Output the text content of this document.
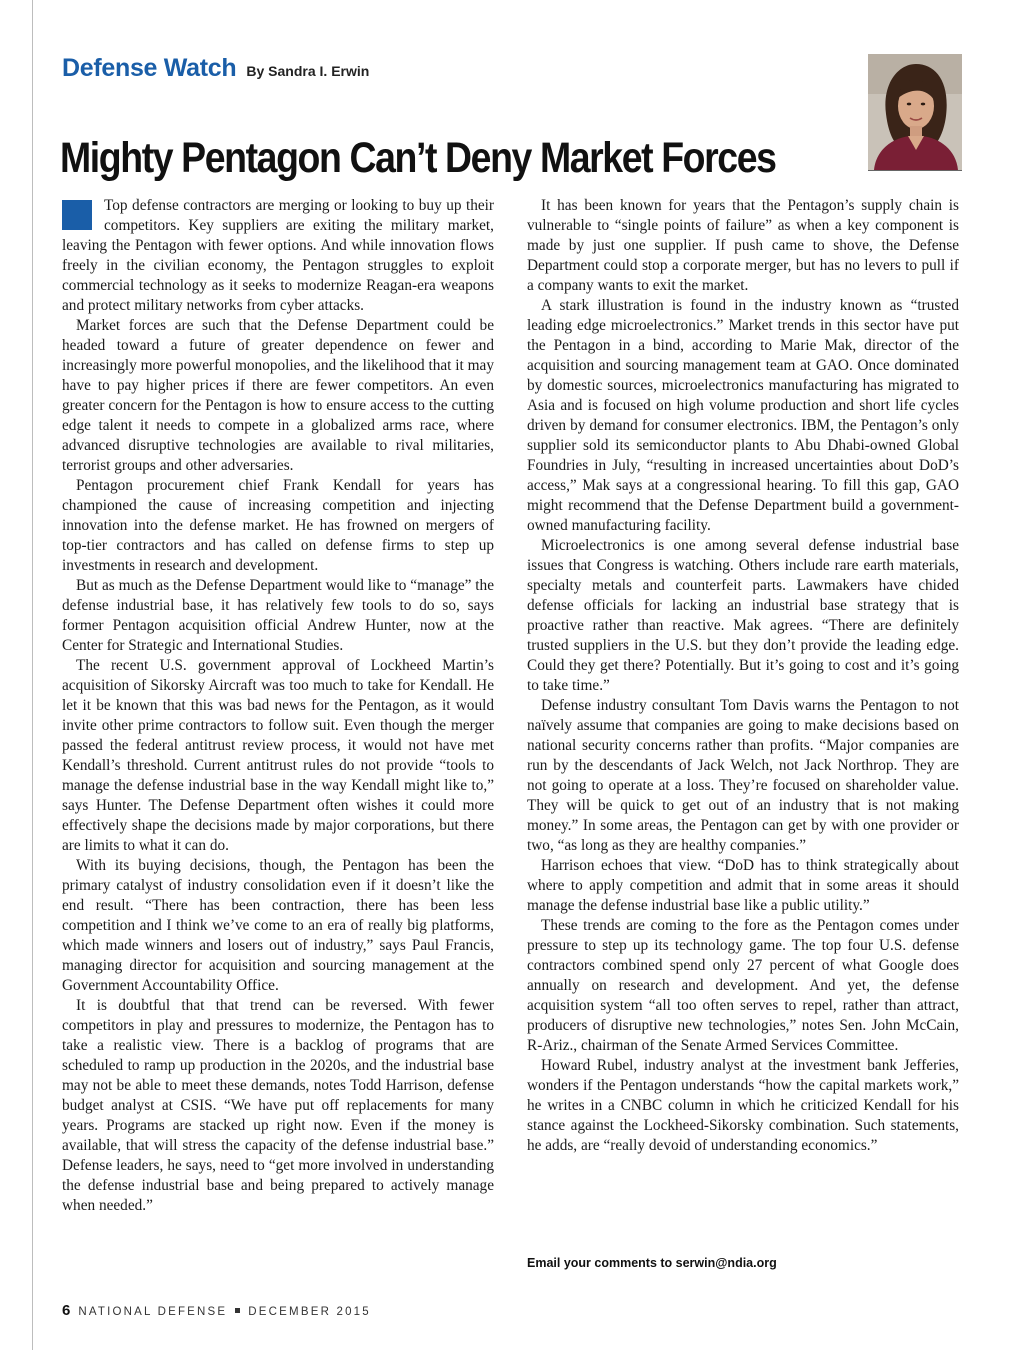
Defense Watch By Sandra I. Erwin
Mighty Pentagon Can’t Deny Market Forces

Top defense contractors are merging or looking to buy up their competitors. Key suppliers are exiting the military market, leaving the Pentagon with fewer options. And while innovation flows freely in the civilian economy, the Pentagon struggles to exploit commercial technology as it seeks to modernize Reagan-era weapons and protect military networks from cyber attacks.

Market forces are such that the Defense Department could be headed toward a future of greater dependence on fewer and increasingly more powerful monopolies, and the likelihood that it may have to pay higher prices if there are fewer competitors. An even greater concern for the Pentagon is how to ensure access to the cutting edge talent it needs to compete in a globalized arms race, where advanced disruptive technologies are available to rival militaries, terrorist groups and other adversaries.

Pentagon procurement chief Frank Kendall for years has championed the cause of increasing competition and injecting innovation into the defense market. He has frowned on mergers of top-tier contractors and has called on defense firms to step up investments in research and development.

But as much as the Defense Department would like to “manage” the defense industrial base, it has relatively few tools to do so, says former Pentagon acquisition official Andrew Hunter, now at the Center for Strategic and International Studies.

The recent U.S. government approval of Lockheed Martin’s acquisition of Sikorsky Aircraft was too much to take for Kendall. He let it be known that this was bad news for the Pentagon, as it would invite other prime contractors to follow suit. Even though the merger passed the federal antitrust review process, it would not have met Kendall’s threshold. Current antitrust rules do not provide “tools to manage the defense industrial base in the way Kendall might like to,” says Hunter. The Defense Department often wishes it could more effectively shape the decisions made by major corporations, but there are limits to what it can do.

With its buying decisions, though, the Pentagon has been the primary catalyst of industry consolidation even if it doesn’t like the end result. “There has been contraction, there has been less competition and I think we’ve come to an era of really big platforms, which made winners and losers out of industry,” says Paul Francis, managing director for acquisition and sourcing management at the Government Accountability Office.

It is doubtful that that trend can be reversed. With fewer competitors in play and pressures to modernize, the Pentagon has to take a realistic view. There is a backlog of programs that are scheduled to ramp up production in the 2020s, and the industrial base may not be able to meet these demands, notes Todd Harrison, defense budget analyst at CSIS. “We have put off replacements for many years. Programs are stacked up right now. Even if the money is available, that will stress the capacity of the defense industrial base.” Defense leaders, he says, need to “get more involved in understanding the defense industrial base and being prepared to actively manage when needed.”

It has been known for years that the Pentagon’s supply chain is vulnerable to “single points of failure” as when a key component is made by just one supplier. If push came to shove, the Defense Department could stop a corporate merger, but has no levers to pull if a company wants to exit the market.

A stark illustration is found in the industry known as “trusted leading edge microelectronics.” Market trends in this sector have put the Pentagon in a bind, according to Marie Mak, director of the acquisition and sourcing management team at GAO. Once dominated by domestic sources, microelectronics manufacturing has migrated to Asia and is focused on high volume production and short life cycles driven by demand for consumer electronics. IBM, the Pentagon’s only supplier sold its semiconductor plants to Abu Dhabi-owned Global Foundries in July, “resulting in increased uncertainties about DoD’s access,” Mak says at a congressional hearing. To fill this gap, GAO might recommend that the Defense Department build a government-owned manufacturing facility.

Microelectronics is one among several defense industrial base issues that Congress is watching. Others include rare earth materials, specialty metals and counterfeit parts. Lawmakers have chided defense officials for lacking an industrial base strategy that is proactive rather than reactive. Mak agrees. “There are definitely trusted suppliers in the U.S. but they don’t provide the leading edge. Could they get there? Potentially. But it’s going to cost and it’s going to take time.”

Defense industry consultant Tom Davis warns the Pentagon to not naïvely assume that companies are going to make decisions based on national security concerns rather than profits. “Major companies are run by the descendants of Jack Welch, not Jack Northrop. They are not going to operate at a loss. They’re focused on shareholder value. They will be quick to get out of an industry that is not making money.” In some areas, the Pentagon can get by with one provider or two, “as long as they are healthy companies.”

Harrison echoes that view. “DoD has to think strategically about where to apply competition and admit that in some areas it should manage the defense industrial base like a public utility.”

These trends are coming to the fore as the Pentagon comes under pressure to step up its technology game. The top four U.S. defense contractors combined spend only 27 percent of what Google does annually on research and development. And yet, the defense acquisition system “all too often serves to repel, rather than attract, producers of disruptive new technologies,” notes Sen. John McCain, R-Ariz., chairman of the Senate Armed Services Committee.

Howard Rubel, industry analyst at the investment bank Jefferies, wonders if the Pentagon understands “how the capital markets work,” he writes in a CNBC column in which he criticized Kendall for his stance against the Lockheed-Sikorsky combination. Such statements, he adds, are “really devoid of understanding economics.”

Email your comments to serwin@ndia.org
6 NATIONAL DEFENSE DECEMBER 2015
